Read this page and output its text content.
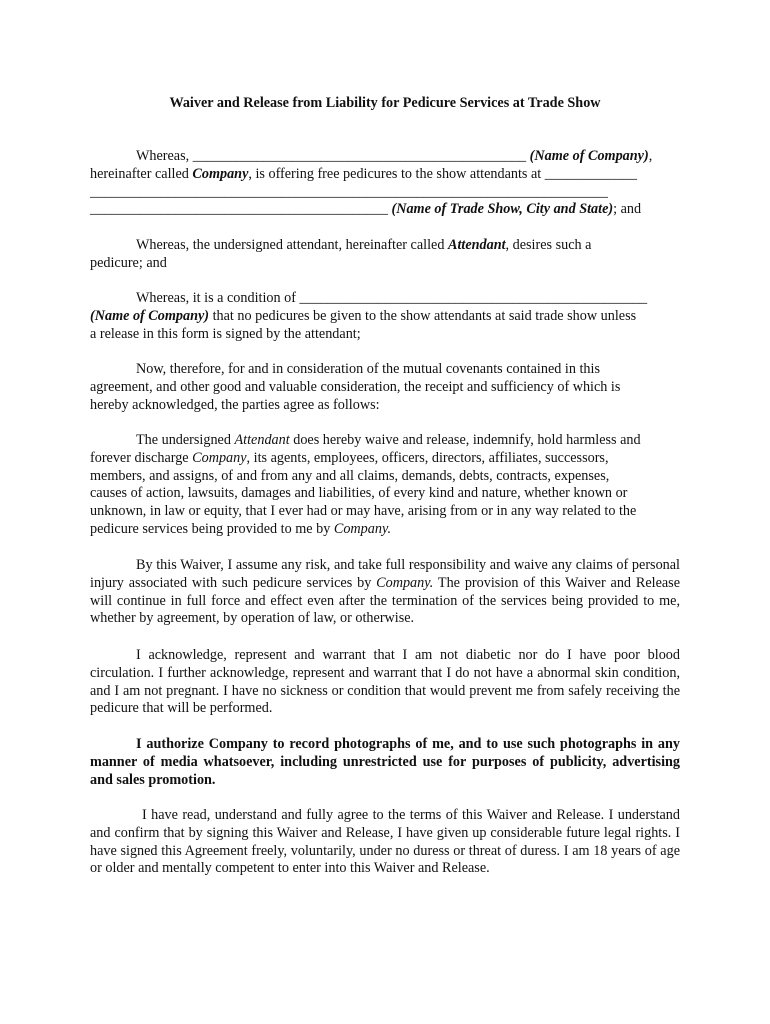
Waiver and Release from Liability for Pedicure Services at Trade Show
Whereas, _______________________________________________ (Name of Company),
hereinafter called Company, is offering free pedicures to the show attendants at _____________
_________________________________________________________________________
__________________________________________ (Name of Trade Show, City and State); and
Whereas, the undersigned attendant, hereinafter called Attendant, desires such a
pedicure; and
Whereas, it is a condition of _________________________________________________
(Name of Company) that no pedicures be given to the show attendants at said trade show unless
a release in this form is signed by the attendant;
Now, therefore, for and in consideration of the mutual covenants contained in this
agreement, and other good and valuable consideration, the receipt and sufficiency of which is
hereby acknowledged, the parties agree as follows:
The undersigned Attendant does hereby waive and release, indemnify, hold harmless and
forever discharge Company, its agents, employees, officers, directors, affiliates, successors,
members, and assigns, of and from any and all claims, demands, debts, contracts, expenses,
causes of action, lawsuits, damages and liabilities, of every kind and nature, whether known or
unknown, in law or equity, that I ever had or may have, arising from or in any way related to the
pedicure services being provided to me by Company.
By this Waiver, I assume any risk, and take full responsibility and waive any claims of personal injury associated with such pedicure services by Company. The provision of this Waiver and Release will continue in full force and effect even after the termination of the services being provided to me, whether by agreement, by operation of law, or otherwise.
I acknowledge, represent and warrant that I am not diabetic nor do I have poor blood circulation. I further acknowledge, represent and warrant that I do not have a abnormal skin condition, and I am not pregnant. I have no sickness or condition that would prevent me from safely receiving the pedicure that will be performed.
I authorize Company to record photographs of me, and to use such photographs in any manner of media whatsoever, including unrestricted use for purposes of publicity, advertising and sales promotion.
I have read, understand and fully agree to the terms of this Waiver and Release. I understand and confirm that by signing this Waiver and Release, I have given up considerable future legal rights. I have signed this Agreement freely, voluntarily, under no duress or threat of duress. I am 18 years of age or older and mentally competent to enter into this Waiver and Release.
